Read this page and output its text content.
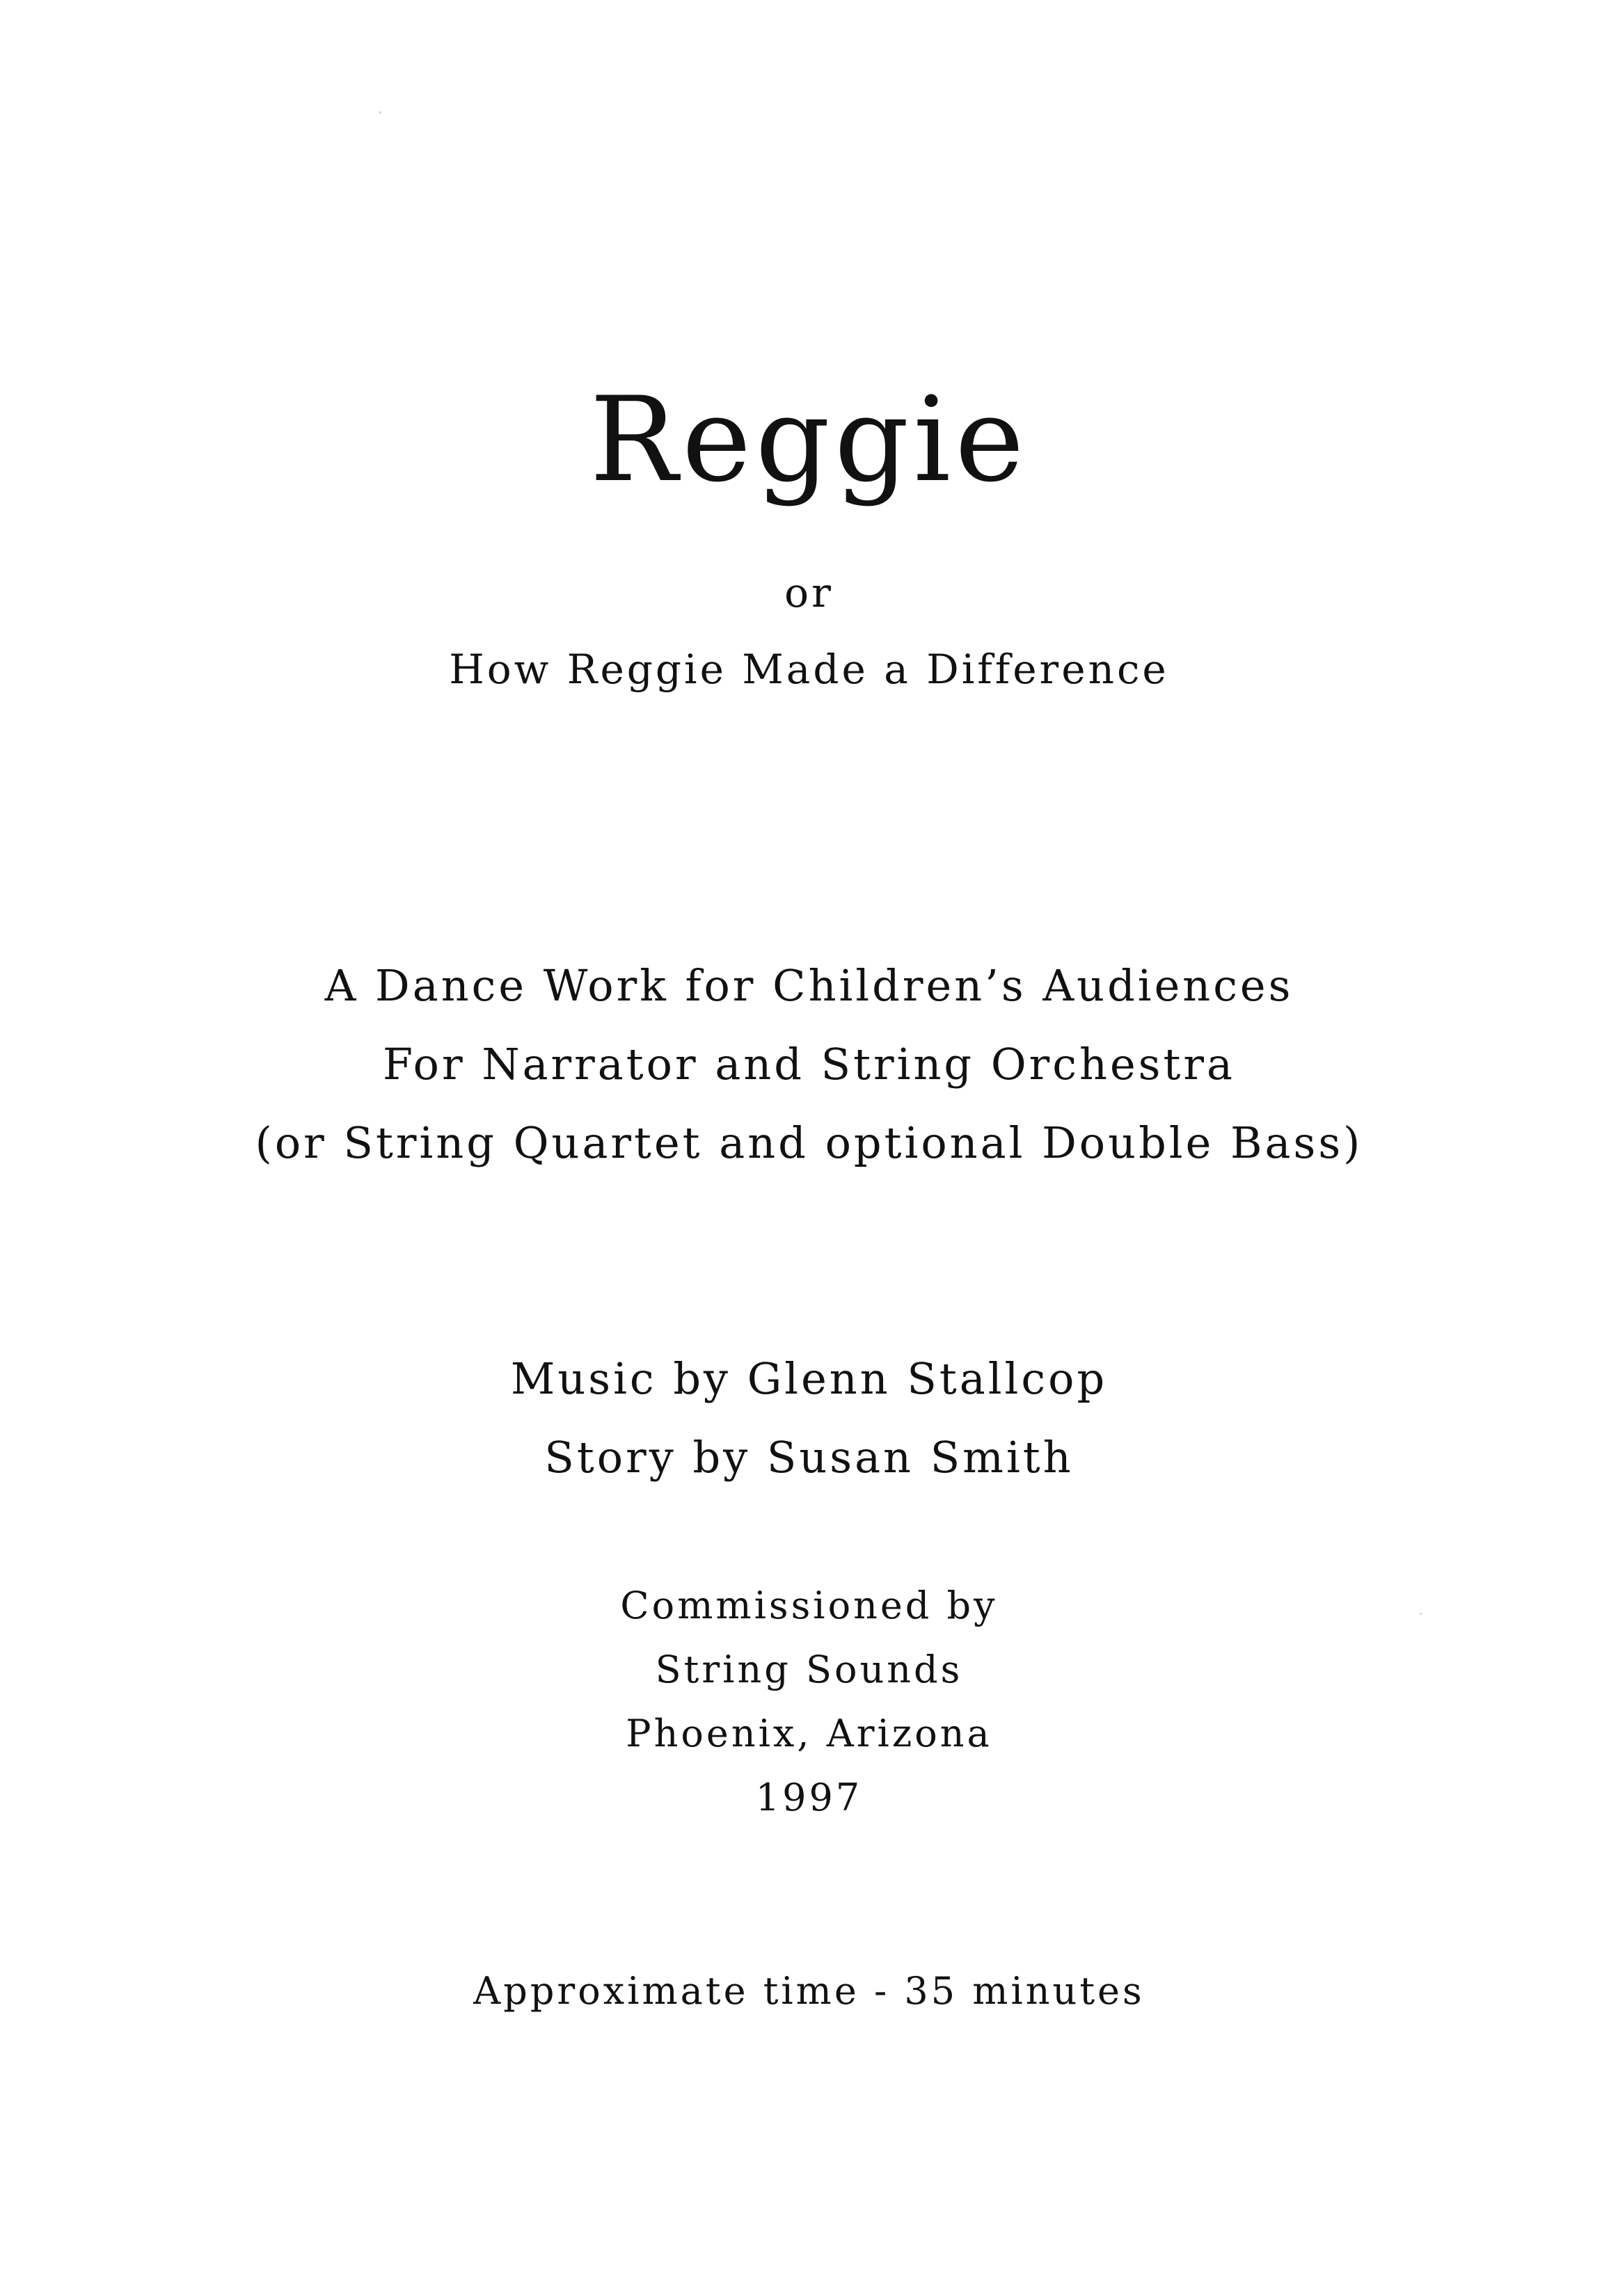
Reggie
or
How Reggie Made a Difference
A Dance Work for Children’s Audiences
For Narrator and String Orchestra
(or String Quartet and optional Double Bass)
Music by Glenn Stallcop
Story by Susan Smith
Commissioned by
String Sounds
Phoenix, Arizona
1997
Approximate time - 35 minutes
